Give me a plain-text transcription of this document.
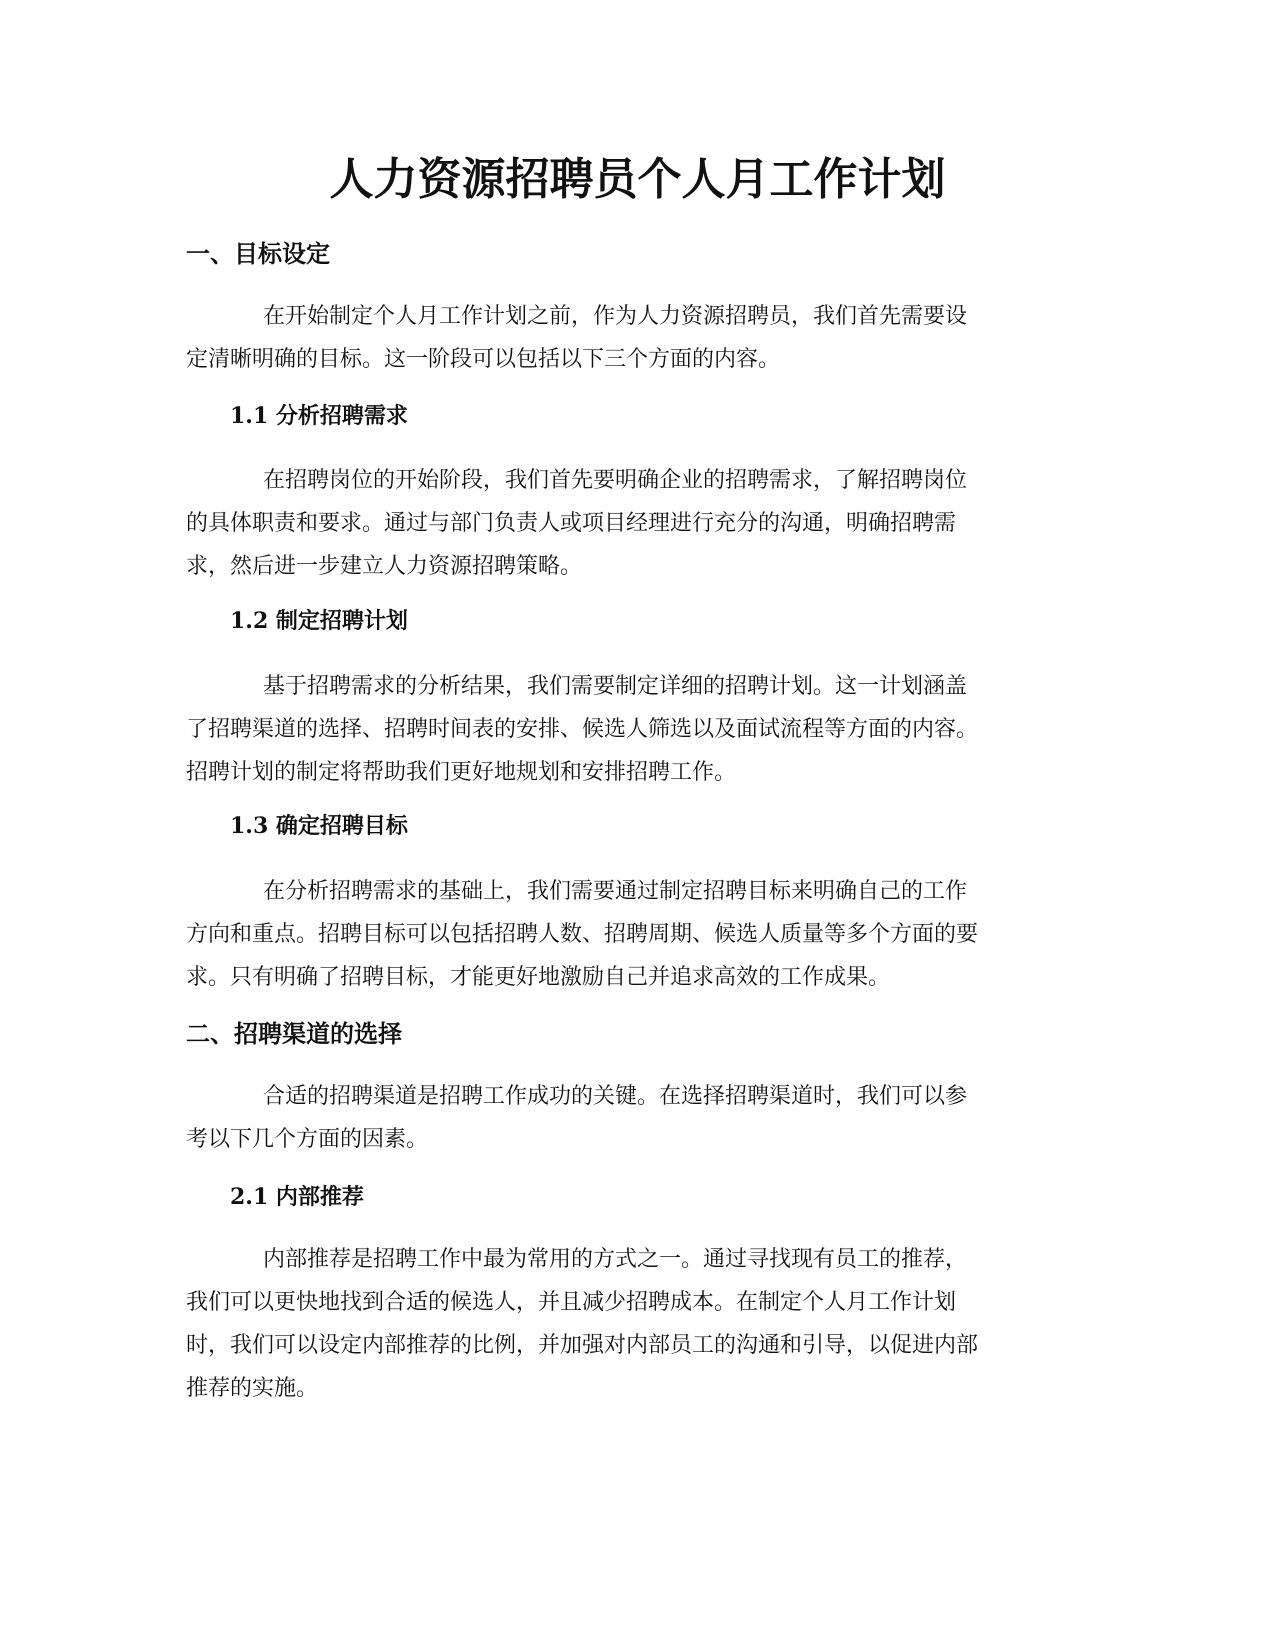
人力资源招聘员个人月工作计划
一、目标设定

在开始制定个人月工作计划之前，作为人力资源招聘员，我们首先需要设
定清晰明确的目标。这一阶段可以包括以下三个方面的内容。

1.1 分析招聘需求

在招聘岗位的开始阶段，我们首先要明确企业的招聘需求，了解招聘岗位
的具体职责和要求。通过与部门负责人或项目经理进行充分的沟通，明确招聘需
求，然后进一步建立人力资源招聘策略。

1.2 制定招聘计划

基于招聘需求的分析结果，我们需要制定详细的招聘计划。这一计划涵盖
了招聘渠道的选择、招聘时间表的安排、候选人筛选以及面试流程等方面的内容。
招聘计划的制定将帮助我们更好地规划和安排招聘工作。

1.3 确定招聘目标

在分析招聘需求的基础上，我们需要通过制定招聘目标来明确自己的工作
方向和重点。招聘目标可以包括招聘人数、招聘周期、候选人质量等多个方面的要
求。只有明确了招聘目标，才能更好地激励自己并追求高效的工作成果。

二、招聘渠道的选择

合适的招聘渠道是招聘工作成功的关键。在选择招聘渠道时，我们可以参
考以下几个方面的因素。

2.1 内部推荐

内部推荐是招聘工作中最为常用的方式之一。通过寻找现有员工的推荐，
我们可以更快地找到合适的候选人，并且减少招聘成本。在制定个人月工作计划
时，我们可以设定内部推荐的比例，并加强对内部员工的沟通和引导，以促进内部
推荐的实施。
